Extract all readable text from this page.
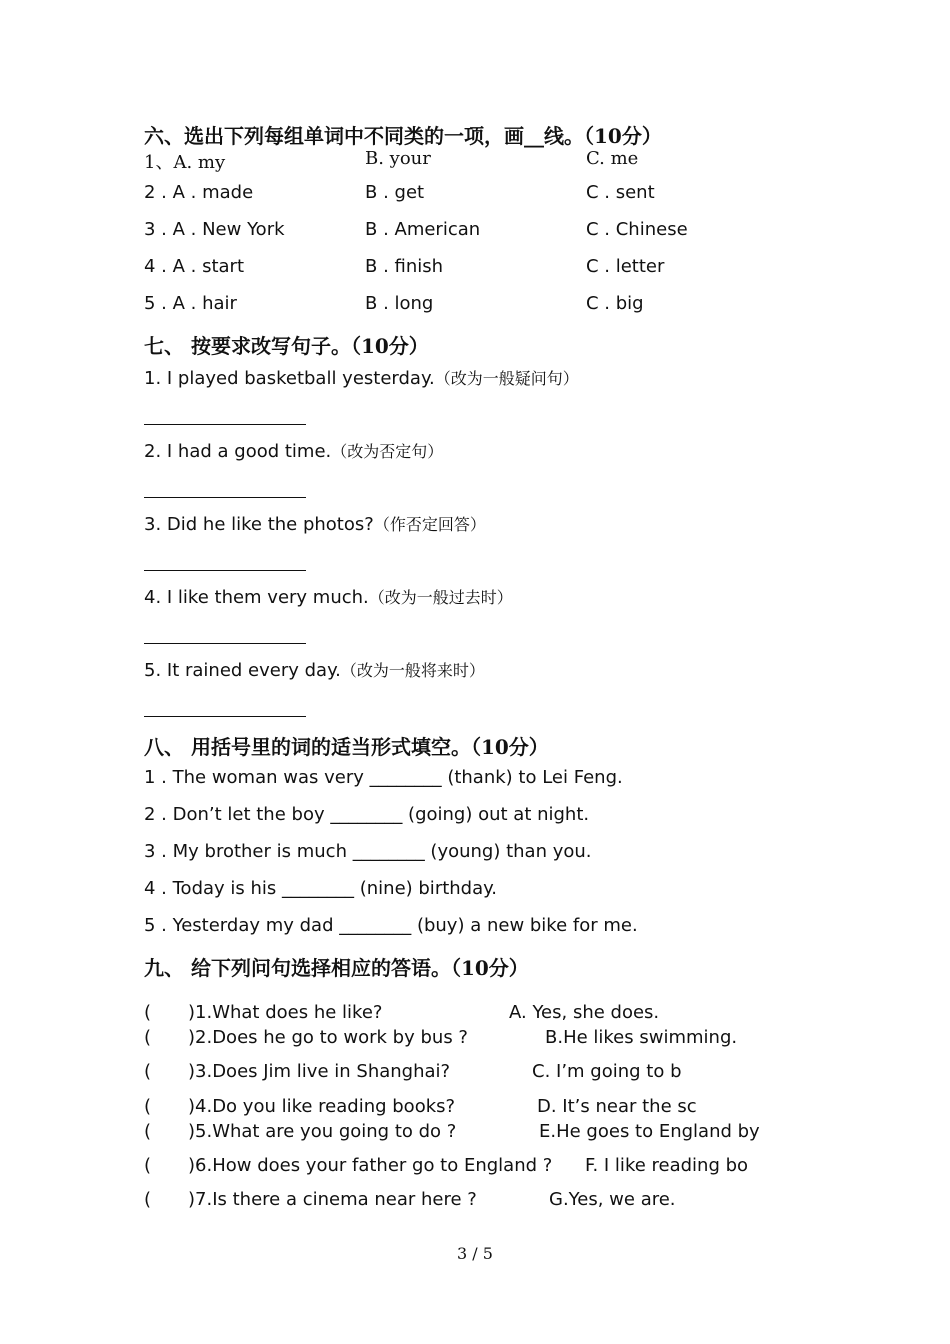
六、选出下列每组单词中不同类的一项，画__线。（10分）
1、A. my	B. your	C. me
2 . A . made	B . get	C . sent
3 . A . New York	B . American	C . Chinese
4 . A . start	B . finish	C . letter
5 . A . hair	B . long	C . big
七、 按要求改写句子。（10分）
1. I played basketball yesterday.（改为一般疑问句）
2. I had a good time.（改为否定句）
3. Did he like the photos?（作否定回答）
4. I like them very much.（改为一般过去时）
5. It rained every day.（改为一般将来时）
八、 用括号里的词的适当形式填空。（10分）
1 . The woman was very ________ (thank) to Lei Feng.
2 . Don’t let the boy ________ (going) out at night.
3 . My brother is much ________ (young) than you.
4 . Today is his ________ (nine) birthday.
5 . Yesterday my dad ________ (buy) a new bike for me.
九、 给下列问句选择相应的答语。（10分）
( )1.What does he like?	A. Yes, she does.
( )2.Does he go to work by bus ?	B.He likes swimming.
( )3.Does Jim live in Shanghai?	C. I’m going to b
( )4.Do you like reading books?	D. It’s near the sc
( )5.What are you going to do ?	E.He goes to England by
( )6.How does your father go to England ? F. I like reading bo
( )7.Is there a cinema near here ?	G.Yes, we are.
3 / 5
